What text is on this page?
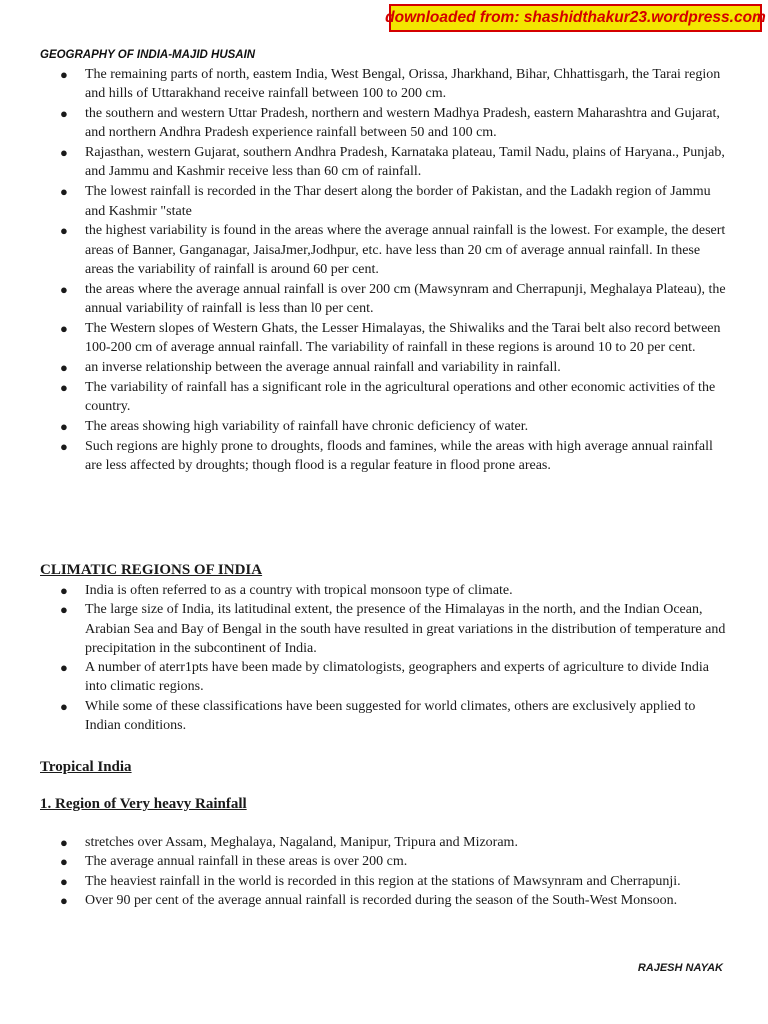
downloaded from: shashidthakur23.wordpress.com
GEOGRAPHY OF INDIA-MAJID HUSAIN
● The remaining parts of north, eastem India, West Bengal, Orissa, Jharkhand, Bihar, Chhattisgarh, the Tarai region and hills of Uttarakhand receive rainfall between 100 to 200 cm.
● the southern and western Uttar Pradesh, northern and western Madhya Pradesh, eastern Maharashtra and Gujarat, and northern Andhra Pradesh experience rainfall between 50 and 100 cm.
● Rajasthan, western Gujarat, southern Andhra Pradesh, Karnataka plateau, Tamil Nadu, plains of Haryana., Punjab, and Jammu and Kashmir receive less than 60 cm of rainfall.
● The lowest rainfall is recorded in the Thar desert along the border of Pakistan, and the Ladakh region of Jammu and Kashmir "state
● the highest variability is found in the areas where the average annual rainfall is the lowest. For example, the desert areas of Banner, Ganganagar, JaisaJmer,Jodhpur, etc. have less than 20 cm of average annual rainfall. In these areas the variability of rainfall is around 60 per cent.
● the areas where the average annual rainfall is over 200 cm (Mawsynram and Cherrapunji, Meghalaya Plateau), the annual variability of rainfall is less than l0 per cent.
● The Western slopes of Western Ghats, the Lesser Himalayas, the Shiwaliks and the Tarai belt also record between 100-200 cm of average annual rainfall. The variability of rainfall in these regions is around 10 to 20 per cent.
● an inverse relationship between the average annual rainfall and variability in rainfall.
● The variability of rainfall has a significant role in the agricultural operations and other economic activities of the country.
● The areas showing high variability of rainfall have chronic deficiency of water.
● Such regions are highly prone to droughts, floods and famines, while the areas with high average annual rainfall are less affected by droughts; though flood is a regular feature in flood prone areas.
CLIMATIC REGIONS OF INDIA
● India is often referred to as a country with tropical monsoon type of climate.
● The large size of India, its latitudinal extent, the presence of the Himalayas in the north, and the Indian Ocean, Arabian Sea and Bay of Bengal in the south have resulted in great variations in the distribution of temperature and precipitation in the subcontinent of India.
● A number of aterr1pts have been made by climatologists, geographers and experts of agriculture to divide India into climatic regions.
● While some of these classifications have been suggested for world climates, others are exclusively applied to Indian conditions.
Tropical India
1. Region of Very heavy Rainfall
● stretches over Assam, Meghalaya, Nagaland, Manipur, Tripura and Mizoram.
● The average annual rainfall in these areas is over 200 cm.
● The heaviest rainfall in the world is recorded in this region at the stations of Mawsynram and Cherrapunji.
● Over 90 per cent of the average annual rainfall is recorded during the season of the South-West Monsoon.
RAJESH NAYAK
